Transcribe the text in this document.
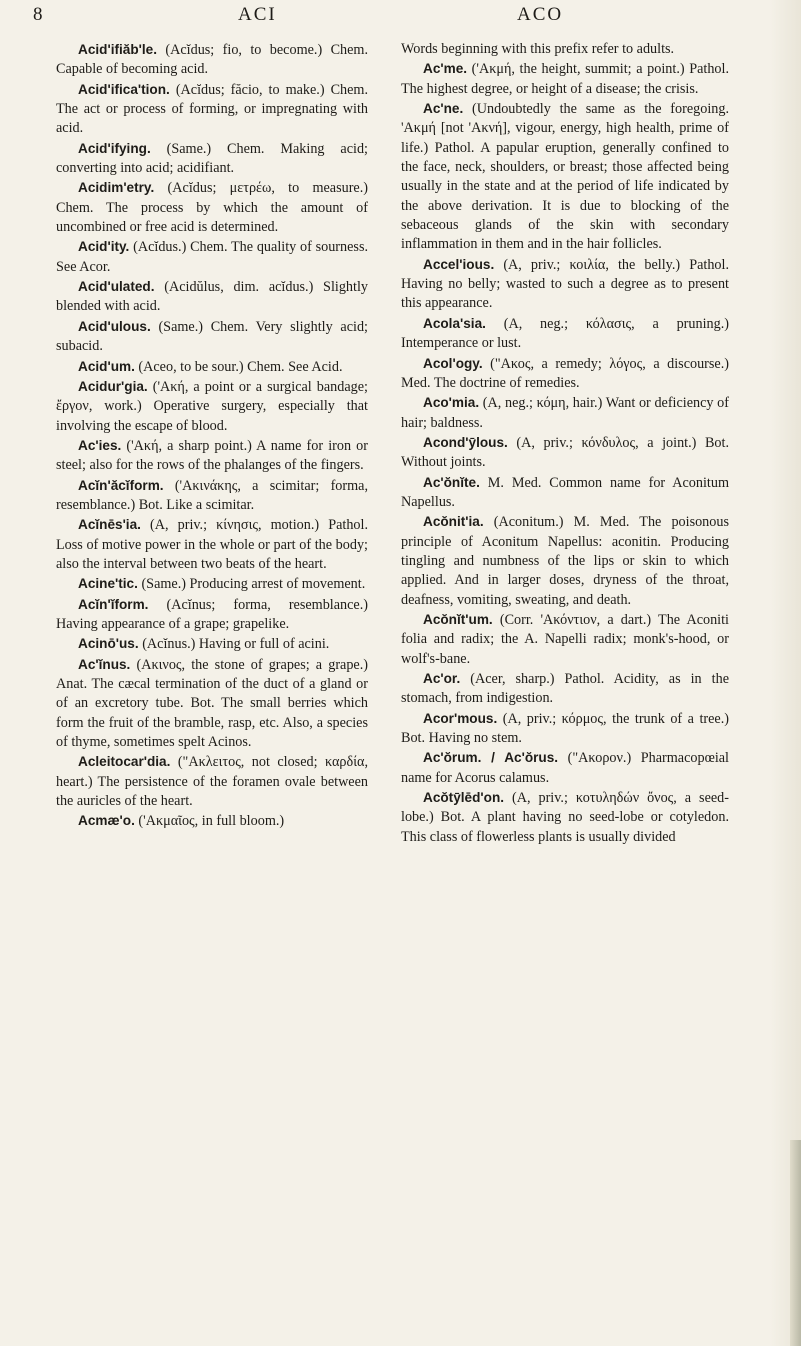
8	ACI	ACO

Acid'ifiăb'le. (Acĭdus; fio, to become.) Chem. Capable of becoming acid.

Acid'ifica'tion. (Acĭdus; făcio, to make.) Chem. The act or process of forming, or impregnating with acid.

Acid'ifying. (Same.) Chem. Making acid; converting into acid; acidifiant.

Acidim'etry. (Acĭdus; μετρέω, to measure.) Chem. The process by which the amount of uncombined or free acid is determined.

Acid'ity. (Acĭdus.) Chem. The quality of sourness. See Acor.

Acid'ulated. (Acidŭlus, dim. acĭdus.) Slightly blended with acid.

Acid'ulous. (Same.) Chem. Very slightly acid; subacid.

Acid'um. (Aceo, to be sour.) Chem. See Acid.

Acidur'gia. ('Ακή, a point or a surgical bandage; ἔργον, work.) Operative surgery, especially that involving the escape of blood.

Ac'ies. ('Ακή, a sharp point.) A name for iron or steel; also for the rows of the phalanges of the fingers.

Acĭn'ăcĭform. ('Ακινάκης, a scimitar; forma, resemblance.) Bot. Like a scimitar.

Acĭnēs'ia. (A, priv.; κίνησις, motion.) Pathol. Loss of motive power in the whole or part of the body; also the interval between two beats of the heart.

Acine'tic. (Same.) Producing arrest of movement.

Acĭn'ĭform. (Acĭnus; forma, resemblance.) Having appearance of a grape; grapelike.

Acinō'us. (Acĭnus.) Having or full of acini.

Ac'ĭnus. (Ακινος, the stone of grapes; a grape.) Anat. The cæcal termination of the duct of a gland or of an excretory tube. Bot. The small berries which form the fruit of the bramble, rasp, etc. Also, a species of thyme, sometimes spelt Acinos.

Acleitocar'dia. ("Ακλειτος, not closed; καρδία, heart.) The persistence of the foramen ovale between the auricles of the heart.

Acmæ'o. ('Ακμαῖος, in full bloom.)

Words beginning with this prefix refer to adults.

Ac'me. ('Ακμή, the height, summit; a point.) Pathol. The highest degree, or height of a disease; the crisis.

Ac'ne. (Undoubtedly the same as the foregoing. 'Ακμή [not 'Ακνή], vigour, energy, high health, prime of life.) Pathol. A papular eruption, generally confined to the face, neck, shoulders, or breast; those affected being usually in the state and at the period of life indicated by the above derivation. It is due to blocking of the sebaceous glands of the skin with secondary inflammation in them and in the hair follicles.

Accel'ious. (A, priv.; κοιλία, the belly.) Pathol. Having no belly; wasted to such a degree as to present this appearance.

Acola'sia. (A, neg.; κόλασις, a pruning.) Intemperance or lust.

Acol'ogy. ("Ακος, a remedy; λόγος, a discourse.) Med. The doctrine of remedies.

Aco'mia. (A, neg.; κόμη, hair.) Want or deficiency of hair; baldness.

Acond'ȳlous. (A, priv.; κόνδυλος, a joint.) Bot. Without joints.

Ac'ŏnĭte. M. Med. Common name for Aconitum Napellus.

Acŏnit'ia. (Aconitum.) M. Med. The poisonous principle of Aconitum Napellus: aconitin. Producing tingling and numbness of the lips or skin to which applied. And in larger doses, dryness of the throat, deafness, vomiting, sweating, and death.

Acŏnĭt'um. (Corr. 'Ακόντιον, a dart.) The Aconiti folia and radix; the A. Napelli radix; monk's-hood, or wolf's-bane.

Ac'or. (Acer, sharp.) Pathol. Acidity, as in the stomach, from indigestion.

Acor'mous. (A, priv.; κόρμος, the trunk of a tree.) Bot. Having no stem.

Ac'ŏrum. / Ac'ŏrus. ("Ακορον.) Pharmacopœial name for Acorus calamus.

Acŏtȳlēd'on. (A, priv.; κοτυληδών ὄνος, a seed-lobe.) Bot. A plant having no seed-lobe or cotyledon. This class of flowerless plants is usually divided
